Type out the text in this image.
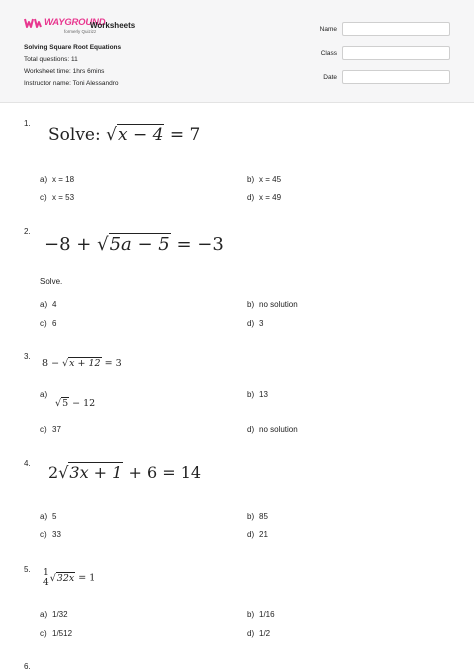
WAYGROUND
formerly Quizizz
Worksheets
Solving Square Root Equations
Total questions: 11
Worksheet time: 1hrs 6mins
Instructor name: Toni Alessandro
Name
Class
Date
1.
Solve: √x − 4 = 7
a) x = 18	b) x = 45
c) x = 53	d) x = 49
2.
−8 + √5a − 5 = −3
Solve.
a) 4	b) no solution
c) 6	d) 3
3.
8 − √x + 12 = 3
a)
√5 − 12
b) 13
c) 37	d) no solution
4. 2√3x + 1 + 6 = 14
a) 5	b) 85
c) 33	d) 21
5. 1
4 √32x = 1
a) 1/32	b) 1/16
c) 1/512	d) 1/2
6.
